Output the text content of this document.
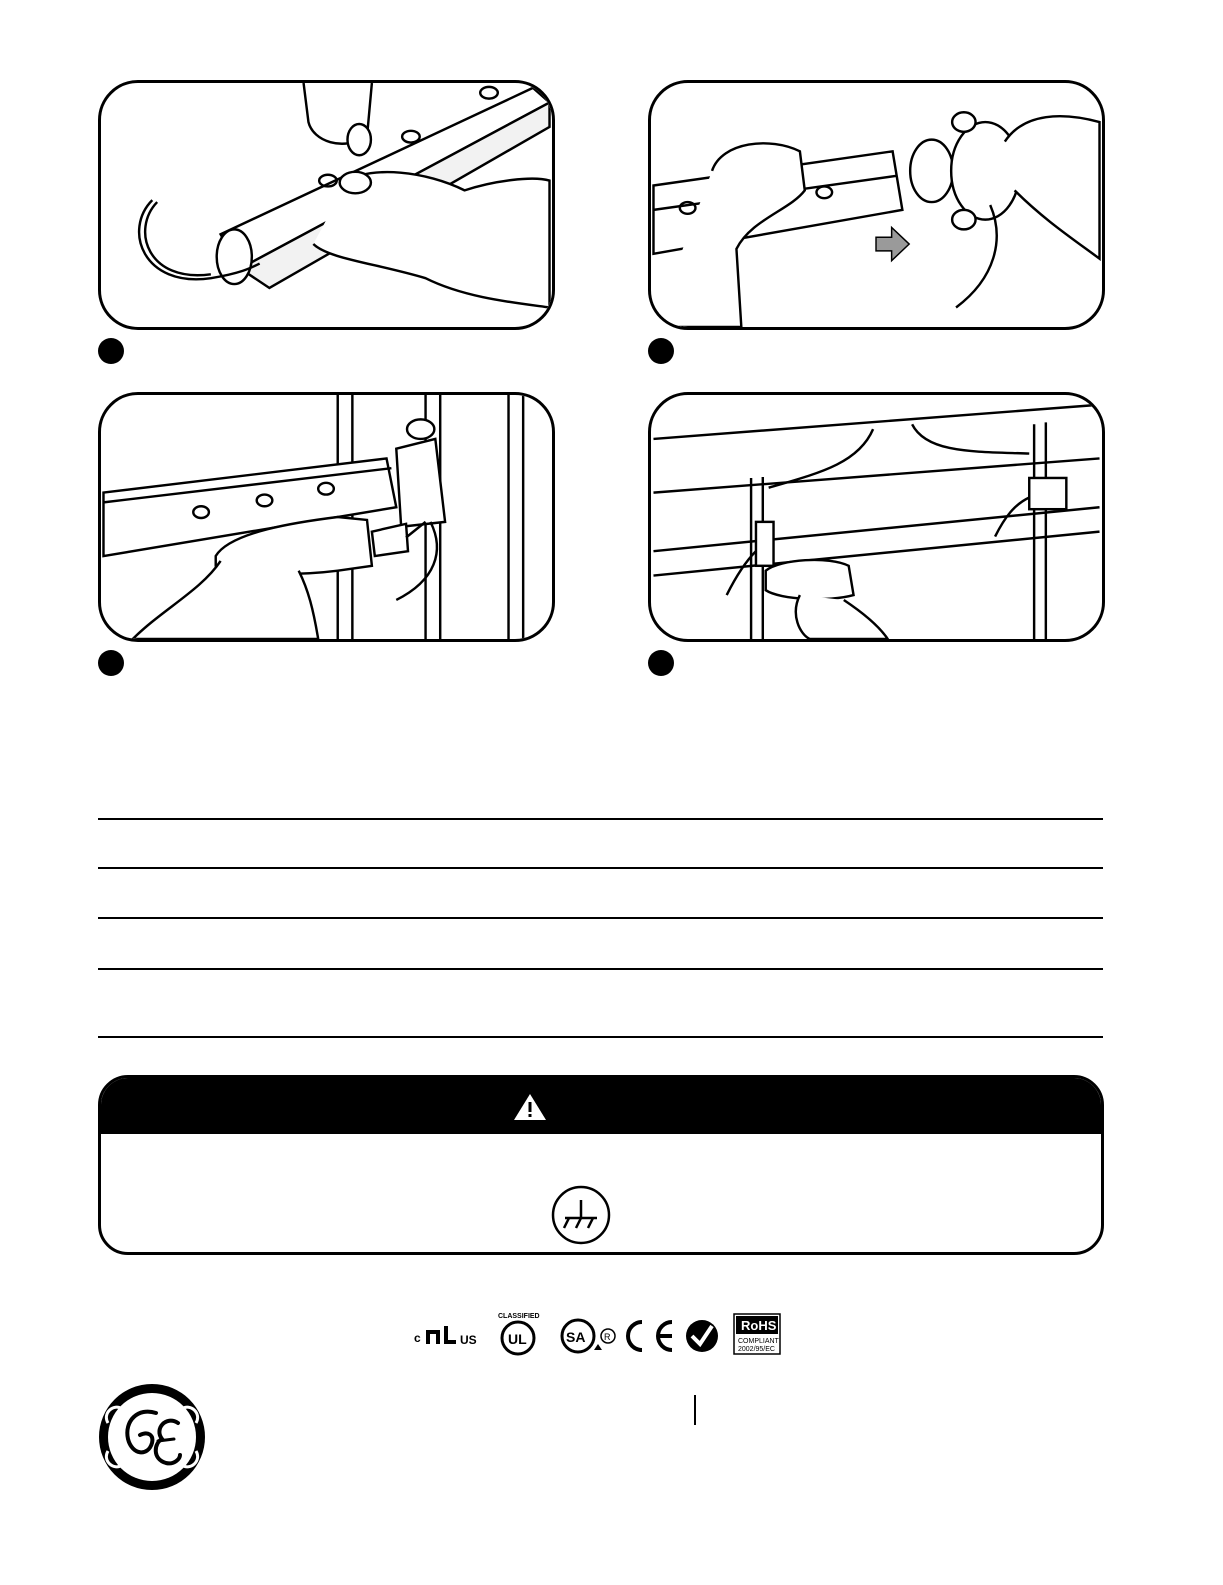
c	US UL
CLASSIFIED
SA R
RoHS
COMPLIANT
2002/95/EC
